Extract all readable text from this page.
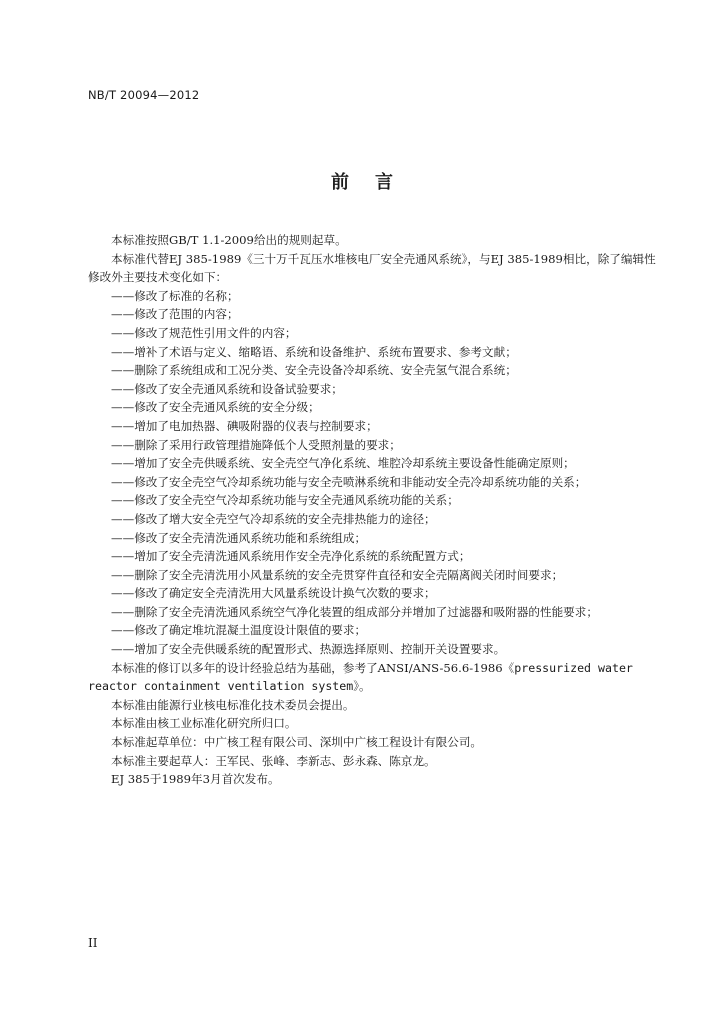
NB/T 20094—2012
前言

本标准按照GB/T 1.1-2009给出的规则起草。

本标准代替EJ 385-1989《三十万千瓦压水堆核电厂安全壳通风系统》，与EJ 385-1989相比，除了编辑性修改外主要技术变化如下：

——修改了标准的名称；

——修改了范围的内容；

——修改了规范性引用文件的内容；

——增补了术语与定义、缩略语、系统和设备维护、系统布置要求、参考文献；

——删除了系统组成和工况分类、安全壳设备冷却系统、安全壳氢气混合系统；

——修改了安全壳通风系统和设备试验要求；

——修改了安全壳通风系统的安全分级；

——增加了电加热器、碘吸附器的仪表与控制要求；

——删除了采用行政管理措施降低个人受照剂量的要求；

——增加了安全壳供暖系统、安全壳空气净化系统、堆腔冷却系统主要设备性能确定原则；

——修改了安全壳空气冷却系统功能与安全壳喷淋系统和非能动安全壳冷却系统功能的关系；

——修改了安全壳空气冷却系统功能与安全壳通风系统功能的关系；

——修改了增大安全壳空气冷却系统的安全壳排热能力的途径；

——修改了安全壳清洗通风系统功能和系统组成；

——增加了安全壳清洗通风系统用作安全壳净化系统的系统配置方式；

——删除了安全壳清洗用小风量系统的安全壳贯穿件直径和安全壳隔离阀关闭时间要求；

——修改了确定安全壳清洗用大风量系统设计换气次数的要求；

——删除了安全壳清洗通风系统空气净化装置的组成部分并增加了过滤器和吸附器的性能要求；

——修改了确定堆坑混凝土温度设计限值的要求；

——增加了安全壳供暖系统的配置形式、热源选择原则、控制开关设置要求。

本标准的修订以多年的设计经验总结为基础，参考了ANSI/ANS-56.6-1986《pressurized water reactor containment ventilation system》。

本标准由能源行业核电标准化技术委员会提出。

本标准由核工业标准化研究所归口。

本标准起草单位：中广核工程有限公司、深圳中广核工程设计有限公司。

本标准主要起草人：王军民、张峰、李新志、彭永森、陈京龙。

EJ 385于1989年3月首次发布。

II
